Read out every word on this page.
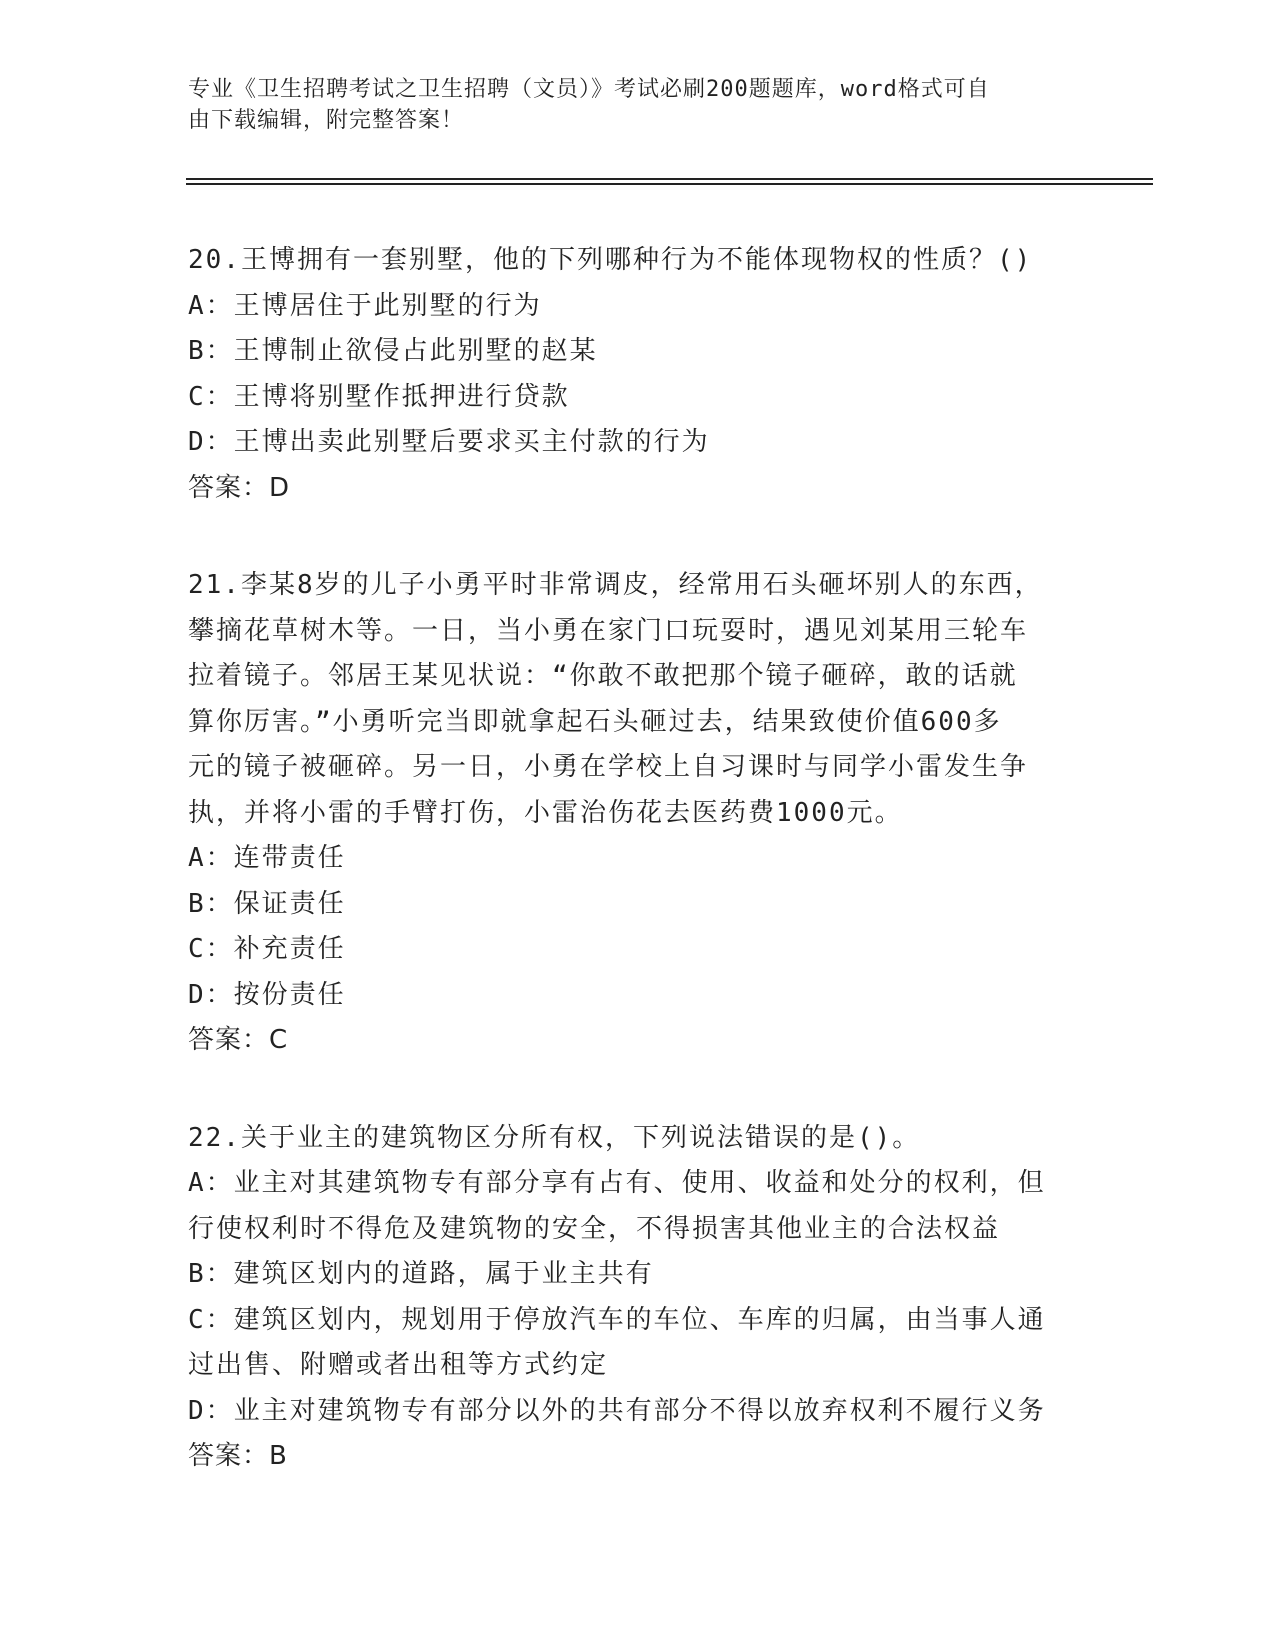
专业《卫生招聘考试之卫生招聘（文员）》考试必刷200题题库，word格式可自
由下载编辑，附完整答案！

20.王博拥有一套别墅，他的下列哪种行为不能体现物权的性质？()

A：王博居住于此别墅的行为

B：王博制止欲侵占此别墅的赵某

C：王博将别墅作抵押进行贷款

D：王博出卖此别墅后要求买主付款的行为

答案：D

21.李某8岁的儿子小勇平时非常调皮，经常用石头砸坏别人的东西，

攀摘花草树木等。一日，当小勇在家门口玩耍时，遇见刘某用三轮车

拉着镜子。邻居王某见状说：“你敢不敢把那个镜子砸碎，敢的话就

算你厉害。”小勇听完当即就拿起石头砸过去，结果致使价值600多

元的镜子被砸碎。另一日，小勇在学校上自习课时与同学小雷发生争

执，并将小雷的手臂打伤，小雷治伤花去医药费1000元。

A：连带责任

B：保证责任

C：补充责任

D：按份责任

答案：C

22.关于业主的建筑物区分所有权，下列说法错误的是()。

A：业主对其建筑物专有部分享有占有、使用、收益和处分的权利，但

行使权利时不得危及建筑物的安全，不得损害其他业主的合法权益

B：建筑区划内的道路，属于业主共有

C：建筑区划内，规划用于停放汽车的车位、车库的归属，由当事人通

过出售、附赠或者出租等方式约定

D：业主对建筑物专有部分以外的共有部分不得以放弃权利不履行义务

答案：B
